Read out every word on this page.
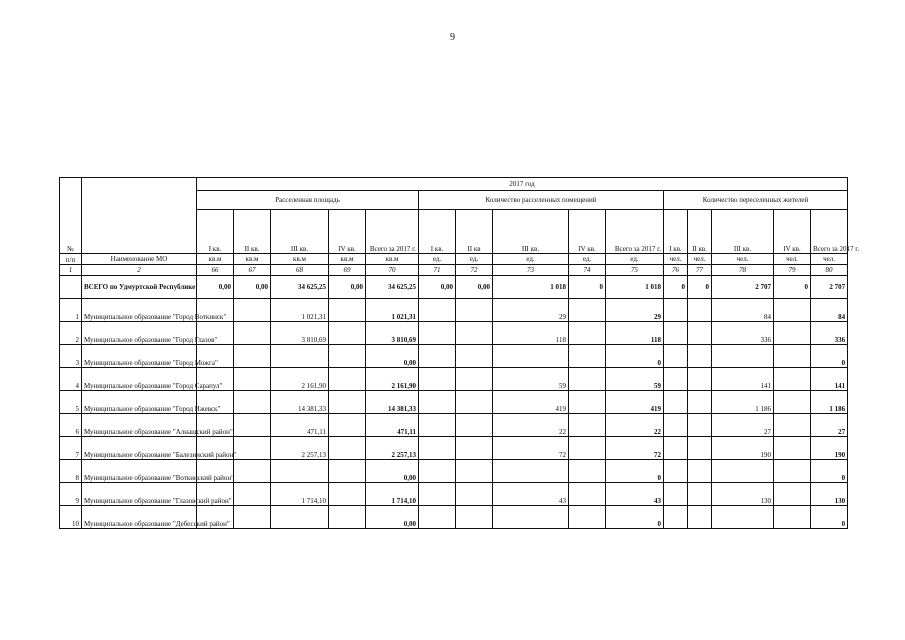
9
№		2017 год														
		Расселенная площадь					Количество расселенных помещений					Количество переселенных жителей				
		I кв.	II кв.	III кв.	IV кв.	Всего за 2017 г.	I кв.	II кв	III кв.	IV кв.	Всего за 2017 г.	I кв.	II кв.	III кв.	IV кв.	Всего за 2017 г.
п/п	Наименование МО	кв.м	кв.м	кв.м	кв.м	кв.м	ед.	ед.	ед.	ед.	ед.	чел.	чел.	чел.	чел.	чел.
1	2	66	67	68	69	70	71	72	73	74	75	76	77	78	79	80
	ВСЕГО по Удмуртской Республике	0,00	0,00	34 625,25	0,00	34 625,25	0,00	0,00	1 018	0	1 018	0	0	2 707	0	2 707
1	Муниципальное образование "Город Воткинск"			1 021,31		1 021,31			29		29			84		84
2	Муниципальное образование "Город Глазов"			3 810,69		3 810,69			118		118			336		336
3	Муниципальное образование "Город Можга"					0,00					0					0
4	Муниципальное образование "Город Сарапул"			2 161,90		2 161,90			59		59			141		141
5	Муниципальное образование "Город Ижевск"			14 381,33		14 381,33			419		419			1 186		1 186
6	Муниципальное образование "Алнашский район"			471,11		471,11			22		22			27		27
7	Муниципальное образование "Балезинский район"			2 257,13		2 257,13			72		72			190		190
8	Муниципальное образование "Воткинский район"					0,00					0					0
9	Муниципальное образование "Глазовский район"			1 714,10		1 714,10			43		43			130		130
10	Муниципальное образование "Дебесский район"					0,00					0					0
